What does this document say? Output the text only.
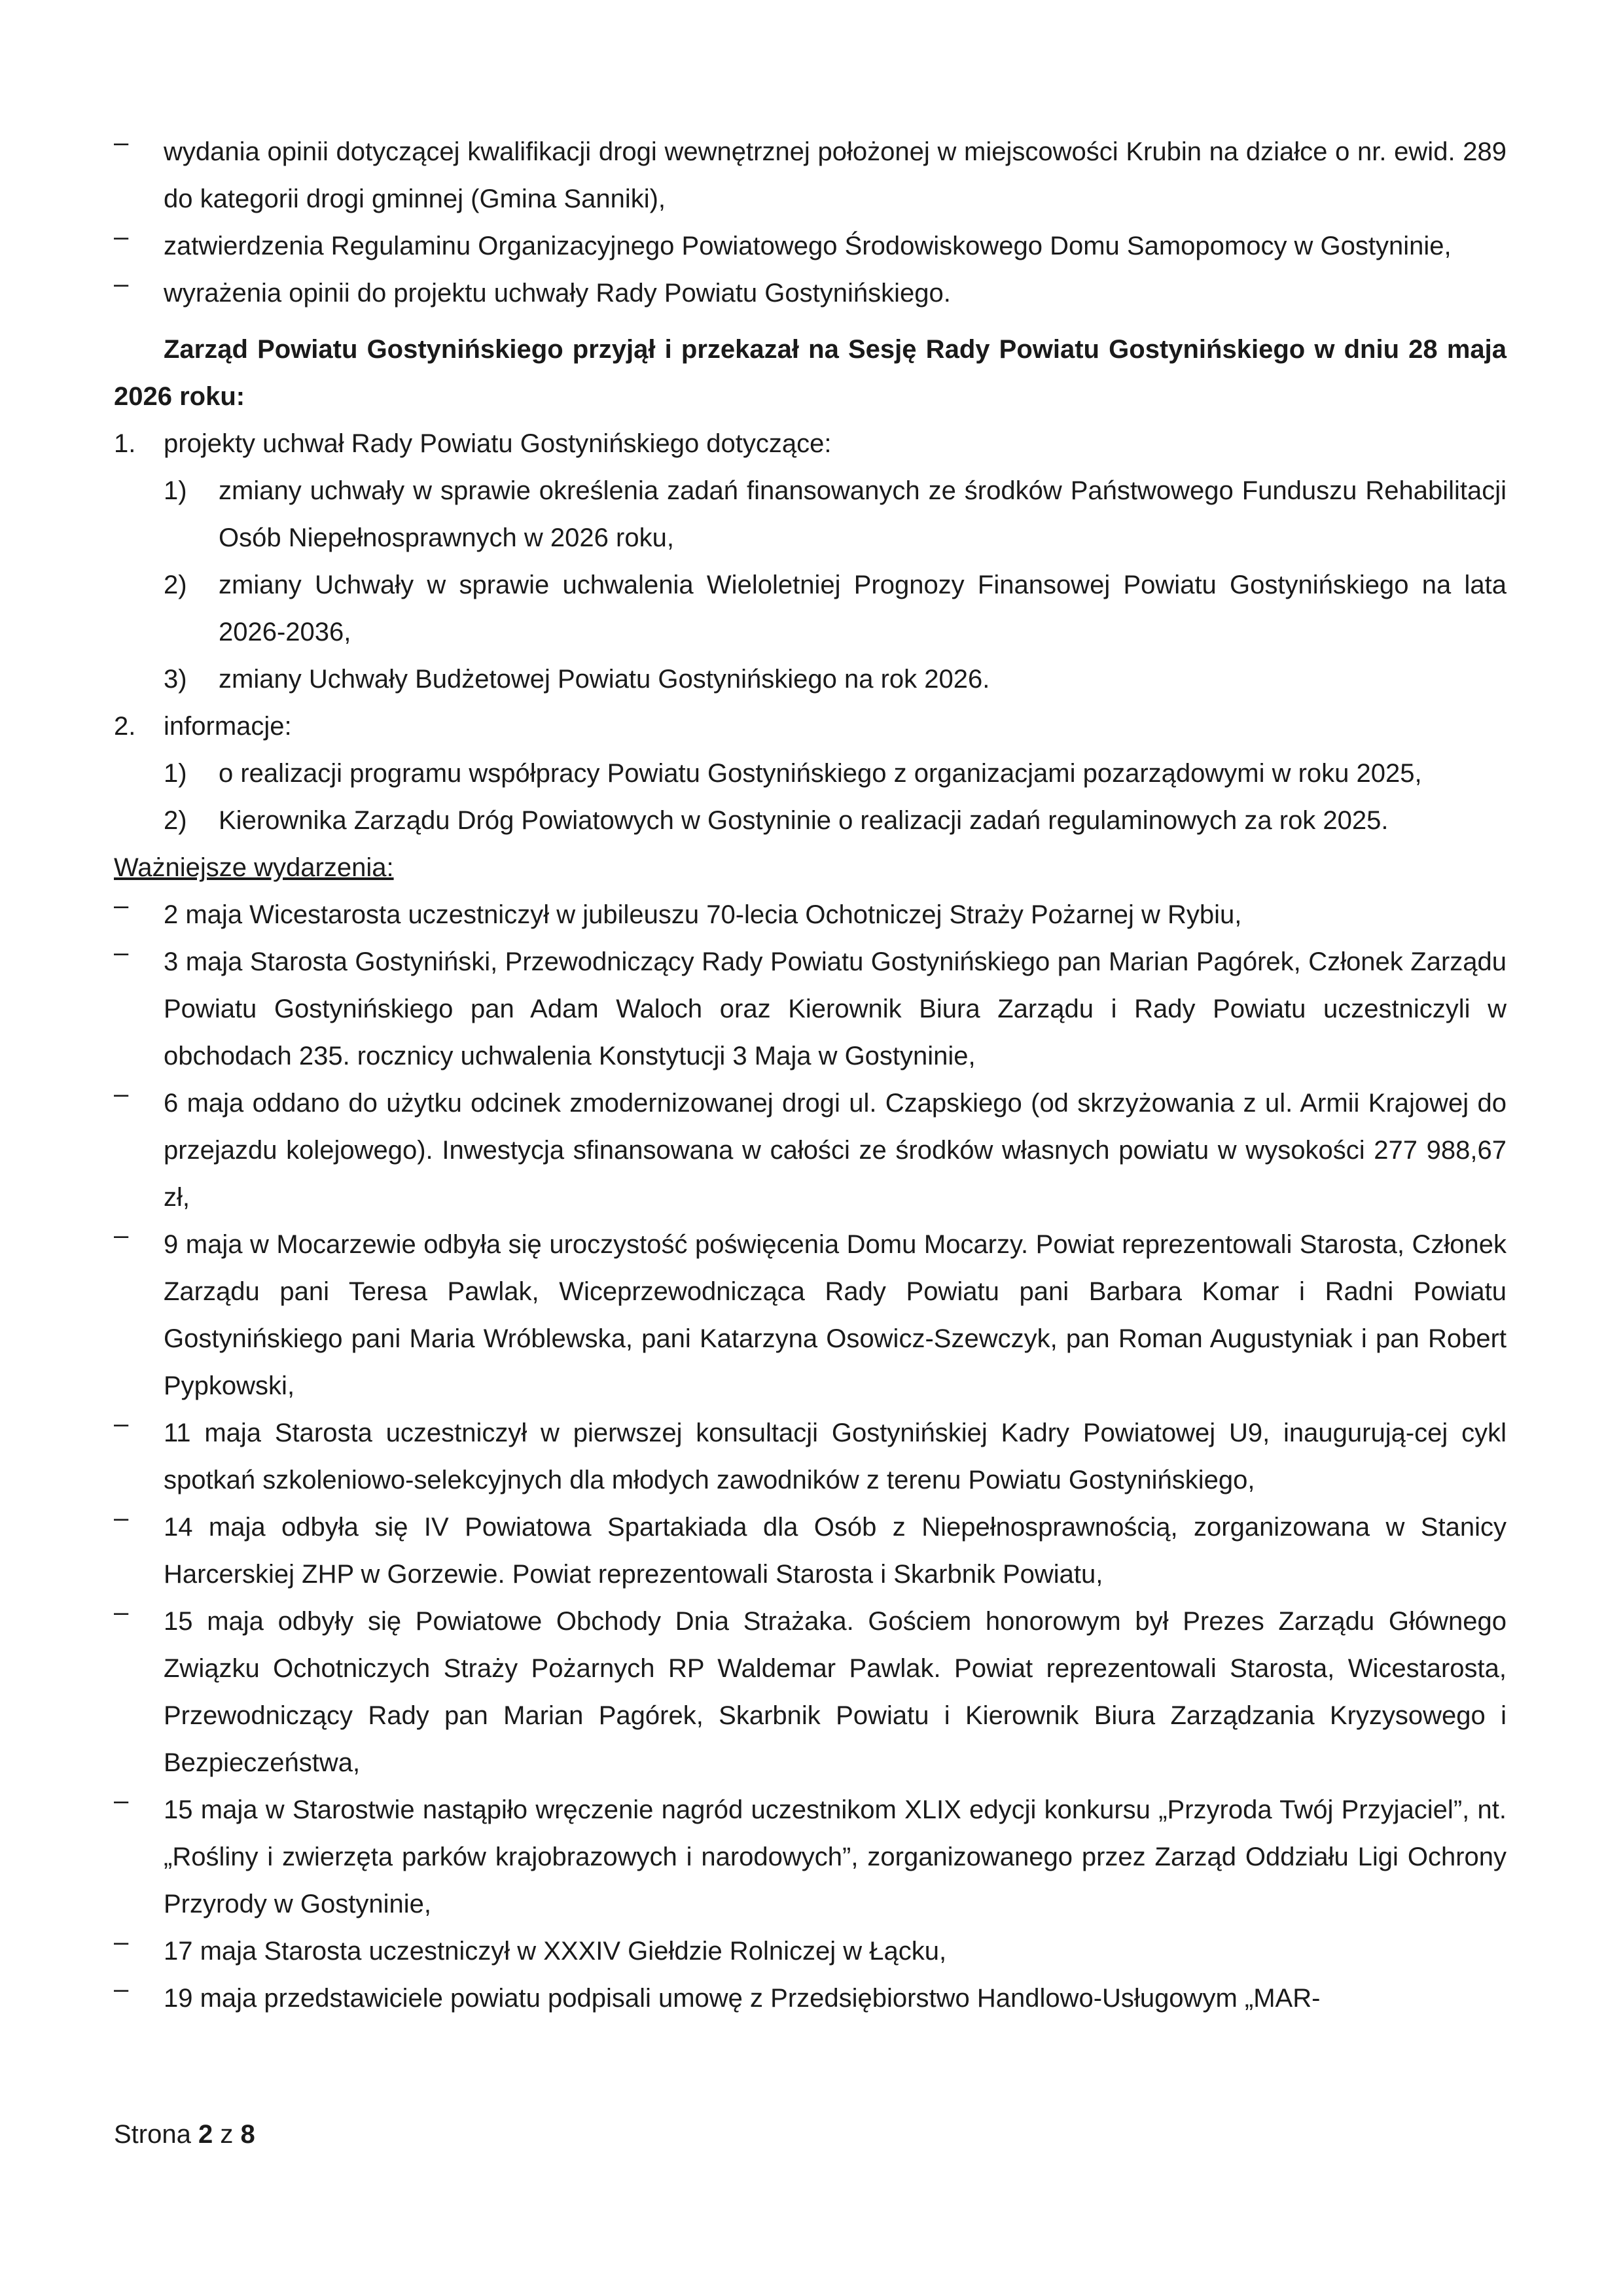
–	wydania opinii dotyczącej kwalifikacji drogi wewnętrznej położonej w miejscowości Krubin na działce o nr. ewid. 289 do kategorii drogi gminnej (Gmina Sanniki),
–	zatwierdzenia Regulaminu Organizacyjnego Powiatowego Środowiskowego Domu Samopomocy w Gostyninie,
–	wyrażenia opinii do projektu uchwały Rady Powiatu Gostynińskiego.
Zarząd Powiatu Gostynińskiego przyjął i przekazał na Sesję Rady Powiatu Gostynińskiego w dniu 28 maja 2026 roku:
1.	projekty uchwał Rady Powiatu Gostynińskiego dotyczące:
1)	zmiany uchwały w sprawie określenia zadań finansowanych ze środków Państwowego Funduszu Rehabilitacji Osób Niepełnosprawnych w 2026 roku,
2)	zmiany Uchwały w sprawie uchwalenia Wieloletniej Prognozy Finansowej Powiatu Gostynińskiego na lata 2026-2036,
3)	zmiany Uchwały Budżetowej Powiatu Gostynińskiego na rok 2026.
2.	informacje:
1)	o realizacji programu współpracy Powiatu Gostynińskiego z organizacjami pozarządowymi w roku 2025,
2)	Kierownika Zarządu Dróg Powiatowych w Gostyninie o realizacji zadań regulaminowych za rok 2025.
Ważniejsze wydarzenia:
–	2 maja Wicestarosta uczestniczył w jubileuszu 70-lecia Ochotniczej Straży Pożarnej w Rybiu,
–	3 maja Starosta Gostyniński, Przewodniczący Rady Powiatu Gostynińskiego pan Marian Pagórek, Członek Zarządu Powiatu Gostynińskiego pan Adam Waloch oraz Kierownik Biura Zarządu i Rady Powiatu uczestniczyli w obchodach 235. rocznicy uchwalenia Konstytucji 3 Maja w Gostyninie,
–	6 maja oddano do użytku odcinek zmodernizowanej drogi ul. Czapskiego (od skrzyżowania z ul. Armii Krajowej do przejazdu kolejowego). Inwestycja sfinansowana w całości ze środków własnych powiatu w wysokości 277 988,67 zł,
–	9 maja w Mocarzewie odbyła się uroczystość poświęcenia Domu Mocarzy. Powiat reprezentowali Starosta, Członek Zarządu pani Teresa Pawlak, Wiceprzewodnicząca Rady Powiatu pani Barbara Komar i Radni Powiatu Gostynińskiego pani Maria Wróblewska, pani Katarzyna Osowicz-Szewczyk, pan Roman Augustyniak i pan Robert Pypkowski,
–	11 maja Starosta uczestniczył w pierwszej konsultacji Gostynińskiej Kadry Powiatowej U9, inaugurują-cej cykl spotkań szkoleniowo-selekcyjnych dla młodych zawodników z terenu Powiatu Gostynińskiego,
–	14 maja odbyła się IV Powiatowa Spartakiada dla Osób z Niepełnosprawnością, zorganizowana w Stanicy Harcerskiej ZHP w Gorzewie. Powiat reprezentowali Starosta i Skarbnik Powiatu,
–	15 maja odbyły się Powiatowe Obchody Dnia Strażaka. Gościem honorowym był Prezes Zarządu Głównego Związku Ochotniczych Straży Pożarnych RP Waldemar Pawlak. Powiat reprezentowali Starosta, Wicestarosta, Przewodniczący Rady pan Marian Pagórek, Skarbnik Powiatu i Kierownik Biura Zarządzania Kryzysowego i Bezpieczeństwa,
–	15 maja w Starostwie nastąpiło wręczenie nagród uczestnikom XLIX edycji konkursu „Przyroda Twój Przyjaciel”, nt. „Rośliny i zwierzęta parków krajobrazowych i narodowych”, zorganizowanego przez Zarząd Oddziału Ligi Ochrony Przyrody w Gostyninie,
–	17 maja Starosta uczestniczył w XXXIV Giełdzie Rolniczej w Łącku,
–	19 maja przedstawiciele powiatu podpisali umowę z Przedsiębiorstwo Handlowo-Usługowym „MAR-
Strona 2 z 8
